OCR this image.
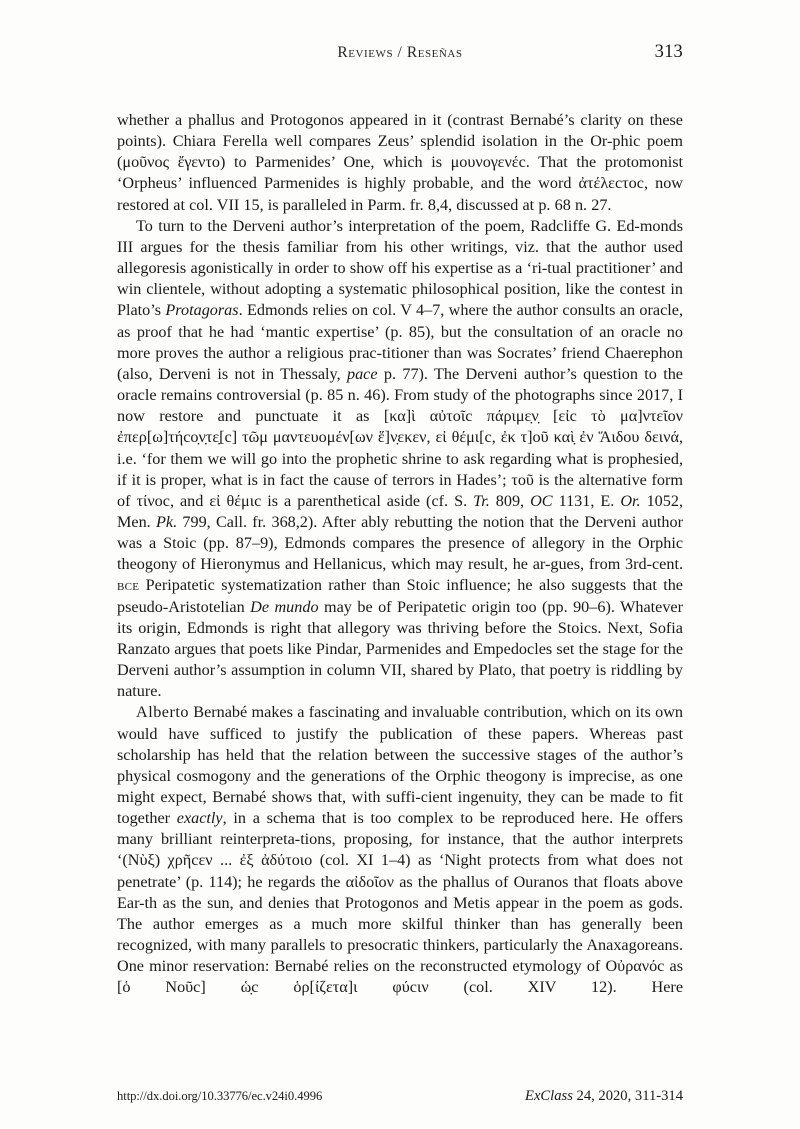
Reviews / Reseñas	313

whether a phallus and Protogonos appeared in it (contrast Bernabé’s clarity on these points). Chiara Ferella well compares Zeus’ splendid isolation in the Or-phic poem (μοῦνος ἔγεντο) to Parmenides’ One, which is μουνογενέc. That the protomonist ‘Orpheus’ influenced Parmenides is highly probable, and the word ἀτέλεcτοc, now restored at col. VII 15, is paralleled in Parm. fr. 8,4, discussed at p. 68 n. 27.

To turn to the Derveni author’s interpretation of the poem, Radcliffe G. Ed-monds III argues for the thesis familiar from his other writings, viz. that the author used allegoresis agonistically in order to show off his expertise as a ‘ri-tual practitioner’ and win clientele, without adopting a systematic philosophical position, like the contest in Plato’s Protagoras. Edmonds relies on col. V 4–7, where the author consults an oracle, as proof that he had ‘mantic expertise’ (p. 85), but the consultation of an oracle no more proves the author a religious prac-titioner than was Socrates’ friend Chaerephon (also, Derveni is not in Thessaly, pace p. 77). The Derveni author’s question to the oracle remains controversial (p. 85 n. 46). From study of the photographs since 2017, I now restore and punctuate it as [κα]ὶ αὐτοῖc πάριμε̣ν̣ [εἰc τὸ μα]ντεῖον ἐπερ[ω]τήcο̣ν̣τε̣[c] τῶμ μαντευομέν[ων ἕ]ν̣εκεν, εἰ θέμι[c, ἐκ τ]οῦ καὶ̣ ἐν Ἅιδου δεινά, i.e. ‘for them we will go into the prophetic shrine to ask regarding what is prophesied, if it is proper, what is in fact the cause of terrors in Hades’; τοῦ is the alternative form of τίνοc, and εἰ θέμιc is a parenthetical aside (cf. S. Tr. 809, OC 1131, E. Or. 1052, Men. Pk. 799, Call. fr. 368,2). After ably rebutting the notion that the Derveni author was a Stoic (pp. 87–9), Edmonds compares the presence of allegory in the Orphic theogony of Hieronymus and Hellanicus, which may result, he ar-gues, from 3rd-cent. bce Peripatetic systematization rather than Stoic influence; he also suggests that the pseudo-Aristotelian De mundo may be of Peripatetic origin too (pp. 90–6). Whatever its origin, Edmonds is right that allegory was thriving before the Stoics. Next, Sofia Ranzato argues that poets like Pindar, Parmenides and Empedocles set the stage for the Derveni author’s assumption in column VII, shared by Plato, that poetry is riddling by nature.

Alberto Bernabé makes a fascinating and invaluable contribution, which on its own would have sufficed to justify the publication of these papers. Whereas past scholarship has held that the relation between the successive stages of the author’s physical cosmogony and the generations of the Orphic theogony is imprecise, as one might expect, Bernabé shows that, with suffi-cient ingenuity, they can be made to fit together exactly, in a schema that is too complex to be reproduced here. He offers many brilliant reinterpreta-tions, proposing, for instance, that the author interprets ‘(Νὺξ) χρῆcεν ... ἐξ ἀδύτοιο (col. XI 1–4) as ‘Night protects from what does not penetrate’ (p. 114); he regards the αἰδοῖον as the phallus of Ouranos that floats above Ear-th as the sun, and denies that Protogonos and Metis appear in the poem as gods. The author emerges as a much more skilful thinker than has generally been recognized, with many parallels to presocratic thinkers, particularly the Anaxagoreans. One minor reservation: Bernabé relies on the reconstructed etymology of Οὐρανόc as [ὁ Νοῦc] ὡ̣c ὁρ[ίζετα]ι φύcιν (col. XIV 12). Here

http://dx.doi.org/10.33776/ec.v24i0.4996	ExClass 24, 2020, 311-314
